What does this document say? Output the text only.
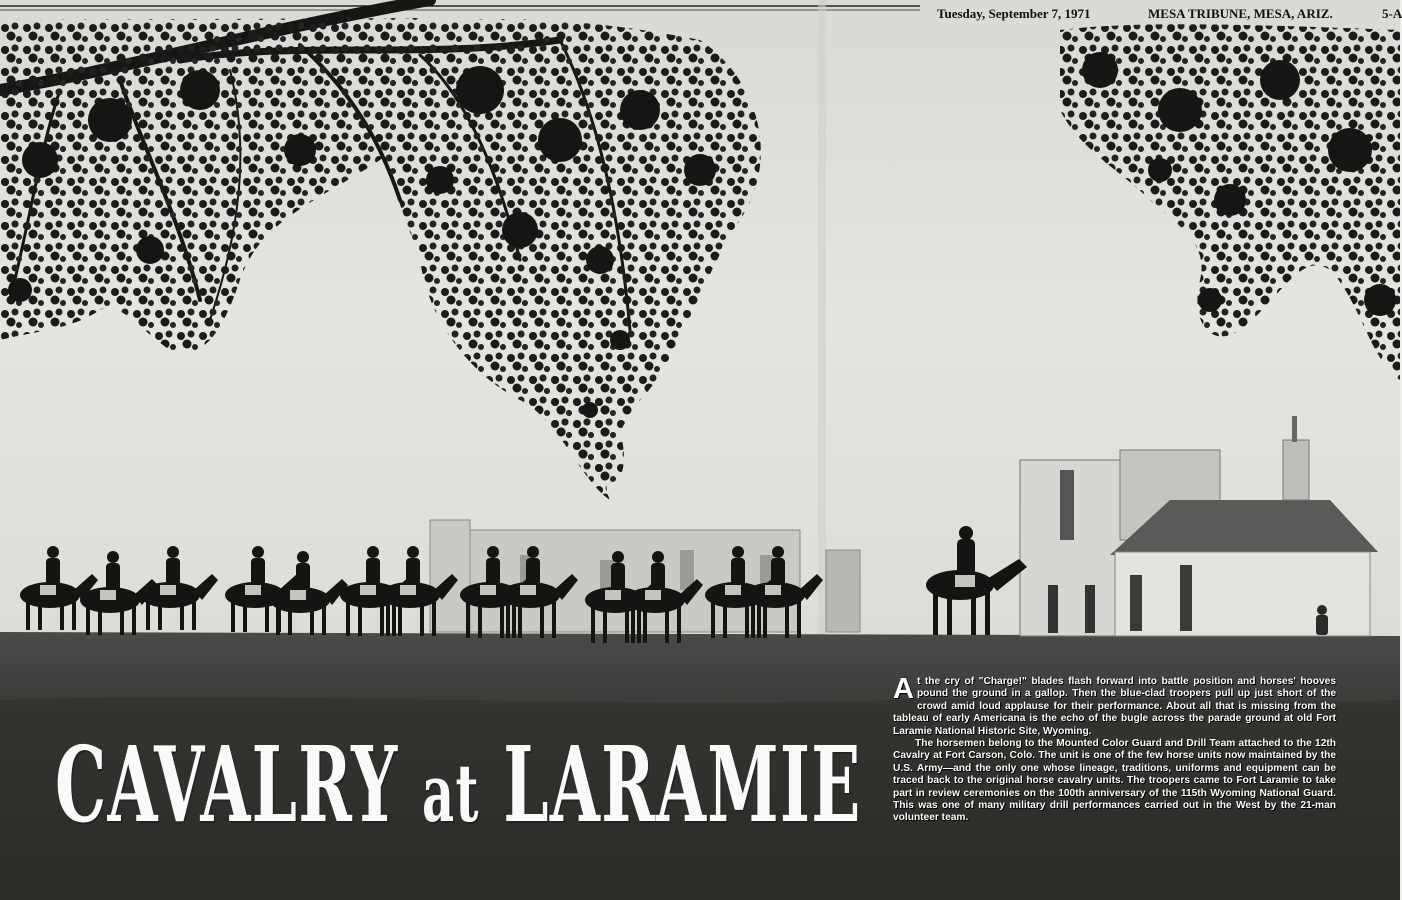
Tuesday, September 7, 1971	MESA TRIBUNE, MESA, ARIZ.	5-A
CAVALRY at LARAMIE

At the cry of "Charge!" blades flash forward into battle position and horses' hooves pound the ground in a gallop. Then the blue-clad troopers pull up just short of the crowd amid loud applause for their performance. About all that is missing from the tableau of early Americana is the echo of the bugle across the parade ground at old Fort Laramie National Historic Site, Wyoming.

The horsemen belong to the Mounted Color Guard and Drill Team attached to the 12th Cavalry at Fort Carson, Colo. The unit is one of the few horse units now maintained by the U.S. Army—and the only one whose lineage, traditions, uniforms and equipment can be traced back to the original horse cavalry units. The troopers came to Fort Laramie to take part in review ceremonies on the 100th anniversary of the 115th Wyoming National Guard. This was one of many military drill performances carried out in the West by the 21-man volunteer team.
